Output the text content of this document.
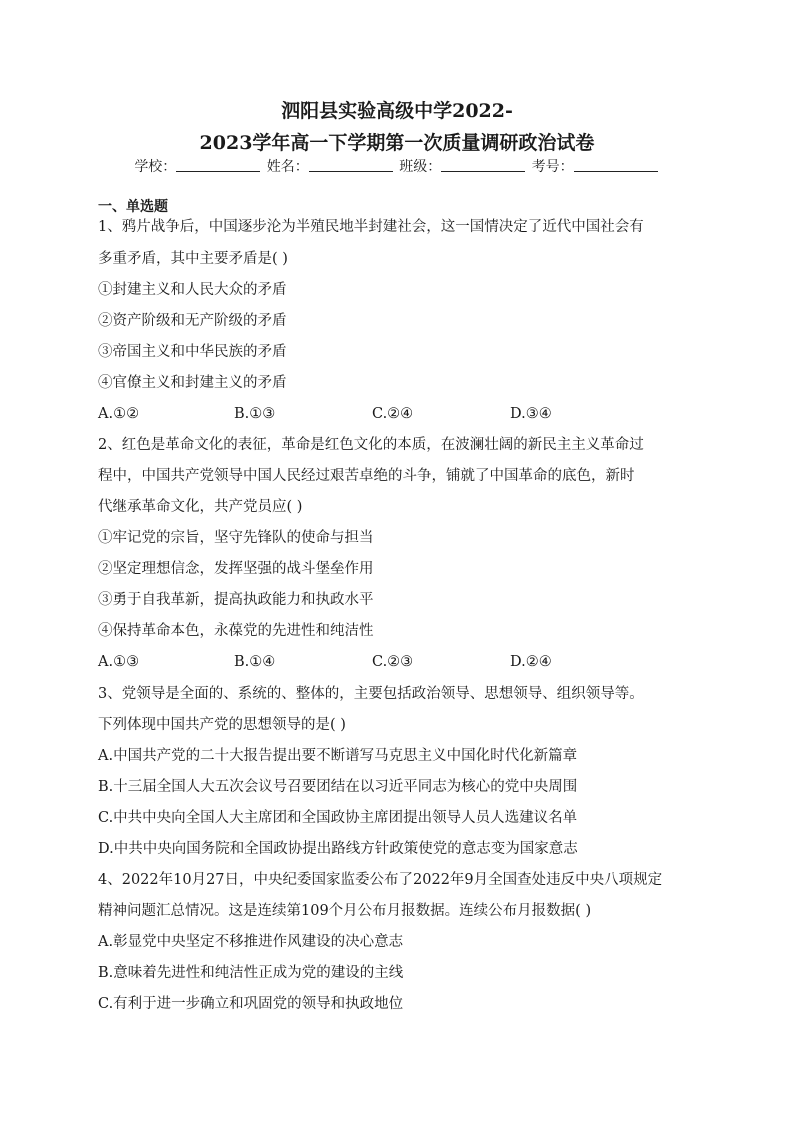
泗阳县实验高级中学2022-
2023学年高一下学期第一次质量调研政治试卷
学校：	姓名：	班级：	考号：
一、单选题
1、鸦片战争后，中国逐步沦为半殖民地半封建社会，这一国情决定了近代中国社会有
多重矛盾，其中主要矛盾是( )
①封建主义和人民大众的矛盾
②资产阶级和无产阶级的矛盾
③帝国主义和中华民族的矛盾
④官僚主义和封建主义的矛盾
A.①②	B.①③	C.②④	D.③④
2、红色是革命文化的表征，革命是红色文化的本质，在波澜壮阔的新民主主义革命过
程中，中国共产党领导中国人民经过艰苦卓绝的斗争，铺就了中国革命的底色，新时
代继承革命文化，共产党员应( )
①牢记党的宗旨，坚守先锋队的使命与担当
②坚定理想信念，发挥坚强的战斗堡垒作用
③勇于自我革新，提高执政能力和执政水平
④保持革命本色，永葆党的先进性和纯洁性
A.①③	B.①④	C.②③	D.②④
3、党领导是全面的、系统的、整体的，主要包括政治领导、思想领导、组织领导等。
下列体现中国共产党的思想领导的是( )
A.中国共产党的二十大报告提出要不断谱写马克思主义中国化时代化新篇章
B.十三届全国人大五次会议号召要团结在以习近平同志为核心的党中央周围
C.中共中央向全国人大主席团和全国政协主席团提出领导人员人选建议名单
D.中共中央向国务院和全国政协提出路线方针政策使党的意志变为国家意志
4、2022年10月27日，中央纪委国家监委公布了2022年9月全国查处违反中央八项规定
精神问题汇总情况。这是连续第109个月公布月报数据。连续公布月报数据( )
A.彰显党中央坚定不移推进作风建设的决心意志
B.意味着先进性和纯洁性正成为党的建设的主线
C.有利于进一步确立和巩固党的领导和执政地位
